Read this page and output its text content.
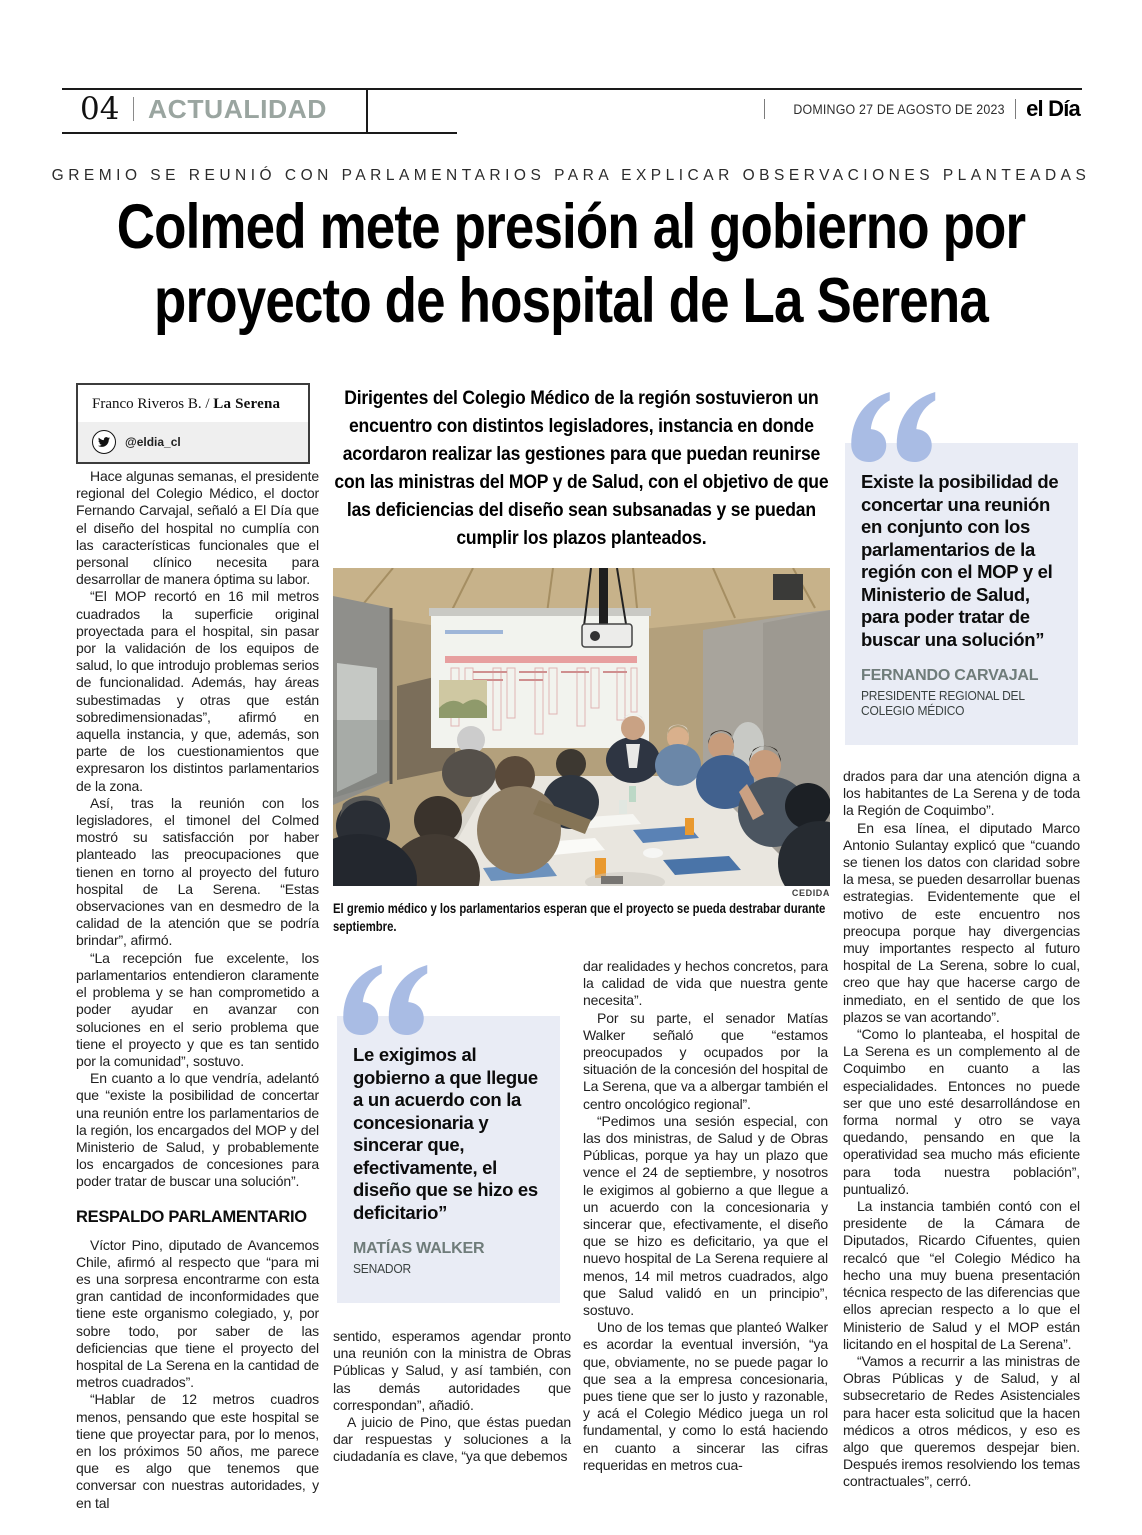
04 ACTUALIDAD	DOMINGO 27 DE AGOSTO DE 2023 el Día
GREMIO SE REUNIÓ CON PARLAMENTARIOS PARA EXPLICAR OBSERVACIONES PLANTEADAS
Colmed mete presión al gobierno por
proyecto de hospital de La Serena
Franco Riveros B. / La Serena
@eldia_cl
Dirigentes del Colegio Médico de la región sostuvieron un encuentro con distintos legisladores, instancia en donde acordaron realizar las gestiones para que puedan reunirse con las ministras del MOP y de Salud, con el objetivo de que las deficiencias del diseño sean subsanadas y se puedan cumplir los plazos planteados.

Hace algunas semanas, el presidente regional del Colegio Médico, el doctor Fernando Carvajal, señaló a El Día que el diseño del hospital no cumplía con las características funcionales que el personal clínico necesita para desarrollar de manera óptima su labor.

“El MOP recortó en 16 mil metros cuadrados la superficie original proyectada para el hospital, sin pasar por la validación de los equipos de salud, lo que introdujo problemas serios de funcionalidad. Además, hay áreas subestimadas y otras que están sobredimensionadas”, afirmó en aquella instancia, y que, además, son parte de los cuestionamientos que expresaron los distintos parlamentarios de la zona.

Así, tras la reunión con los legisladores, el timonel del Colmed mostró su satisfacción por haber planteado las preocupaciones que tienen en torno al proyecto del futuro hospital de La Serena. “Estas observaciones van en desmedro de la calidad de la atención que se podría brindar”, afirmó.

“La recepción fue excelente, los parlamentarios entendieron claramente el problema y se han comprometido a poder ayudar en avanzar con soluciones en el serio problema que tiene el proyecto y que es tan sentido por la comunidad”, sostuvo.

En cuanto a lo que vendría, adelantó que “existe la posibilidad de concertar una reunión entre los parlamentarios de la región, los encargados del MOP y del Ministerio de Salud, y probablemente los encargados de concesiones para poder tratar de buscar una solución”.

RESPALDO PARLAMENTARIO

Víctor Pino, diputado de Avancemos Chile, afirmó al respecto que “para mi es una sorpresa encontrarme con esta gran cantidad de inconformidades que tiene este organismo colegiado, y, por sobre todo, por saber de las deficiencias que tiene el proyecto del hospital de La Serena en la cantidad de metros cuadrados”.

“Hablar de 12 metros cuadros menos, pensando que este hospital se tiene que proyectar para, por lo menos, en los próximos 50 años, me parece que es algo que tenemos que conversar con nuestras autoridades, y en tal

CEDIDA
El gremio médico y los parlamentarios esperan que el proyecto se pueda destrabar durante septiembre.
Existe la posibilidad de concertar una reunión en conjunto con los parlamentarios de la región con el MOP y el Ministerio de Salud, para poder tratar de buscar una solución”
FERNANDO CARVAJAL
PRESIDENTE REGIONAL DEL COLEGIO MÉDICO
Le exigimos al gobierno a que llegue a un acuerdo con la concesionaria y sincerar que, efectivamente, el diseño que se hizo es deficitario”
MATÍAS WALKER
SENADOR

sentido, esperamos agendar pronto una reunión con la ministra de Obras Públicas y Salud, y así también, con las demás autoridades que correspondan”, añadió.

A juicio de Pino, que éstas puedan dar respuestas y soluciones a la ciudadanía es clave, “ya que debemos

dar realidades y hechos concretos, para la calidad de vida que nuestra gente necesita”.

Por su parte, el senador Matías Walker señaló que “estamos preocupados y ocupados por la situación de la concesión del hospital de La Serena, que va a albergar también el centro oncológico regional”.

“Pedimos una sesión especial, con las dos ministras, de Salud y de Obras Públicas, porque ya hay un plazo que vence el 24 de septiembre, y nosotros le exigimos al gobierno a que llegue a un acuerdo con la concesionaria y sincerar que, efectivamente, el diseño que se hizo es deficitario, ya que el nuevo hospital de La Serena requiere al menos, 14 mil metros cuadrados, algo que Salud validó en un principio”, sostuvo.

Uno de los temas que planteó Walker es acordar la eventual inversión, “ya que, obviamente, no se puede pagar lo que sea a la empresa concesionaria, pues tiene que ser lo justo y razonable, y acá el Colegio Médico juega un rol fundamental, y como lo está haciendo en cuanto a sincerar las cifras requeridas en metros cua-

drados para dar una atención digna a los habitantes de La Serena y de toda la Región de Coquimbo”.

En esa línea, el diputado Marco Antonio Sulantay explicó que “cuando se tienen los datos con claridad sobre la mesa, se pueden desarrollar buenas estrategias. Evidentemente que el motivo de este encuentro nos preocupa porque hay divergencias muy importantes respecto al futuro hospital de La Serena, sobre lo cual, creo que hay que hacerse cargo de inmediato, en el sentido de que los plazos se van acortando”.

“Como lo planteaba, el hospital de La Serena es un complemento al de Coquimbo en cuanto a las especialidades. Entonces no puede ser que uno esté desarrollándose en forma normal y otro se vaya quedando, pensando en que la operatividad sea mucho más eficiente para toda nuestra población”, puntualizó.

La instancia también contó con el presidente de la Cámara de Diputados, Ricardo Cifuentes, quien recalcó que “el Colegio Médico ha hecho una muy buena presentación técnica respecto de las diferencias que ellos aprecian respecto a lo que el Ministerio de Salud y el MOP están licitando en el hospital de La Serena”.

“Vamos a recurrir a las ministras de Obras Públicas y de Salud, y al subsecretario de Redes Asistenciales para hacer esta solicitud que la hacen médicos a otros médicos, y eso es algo que queremos despejar bien. Después iremos resolviendo los temas contractuales”, cerró.
